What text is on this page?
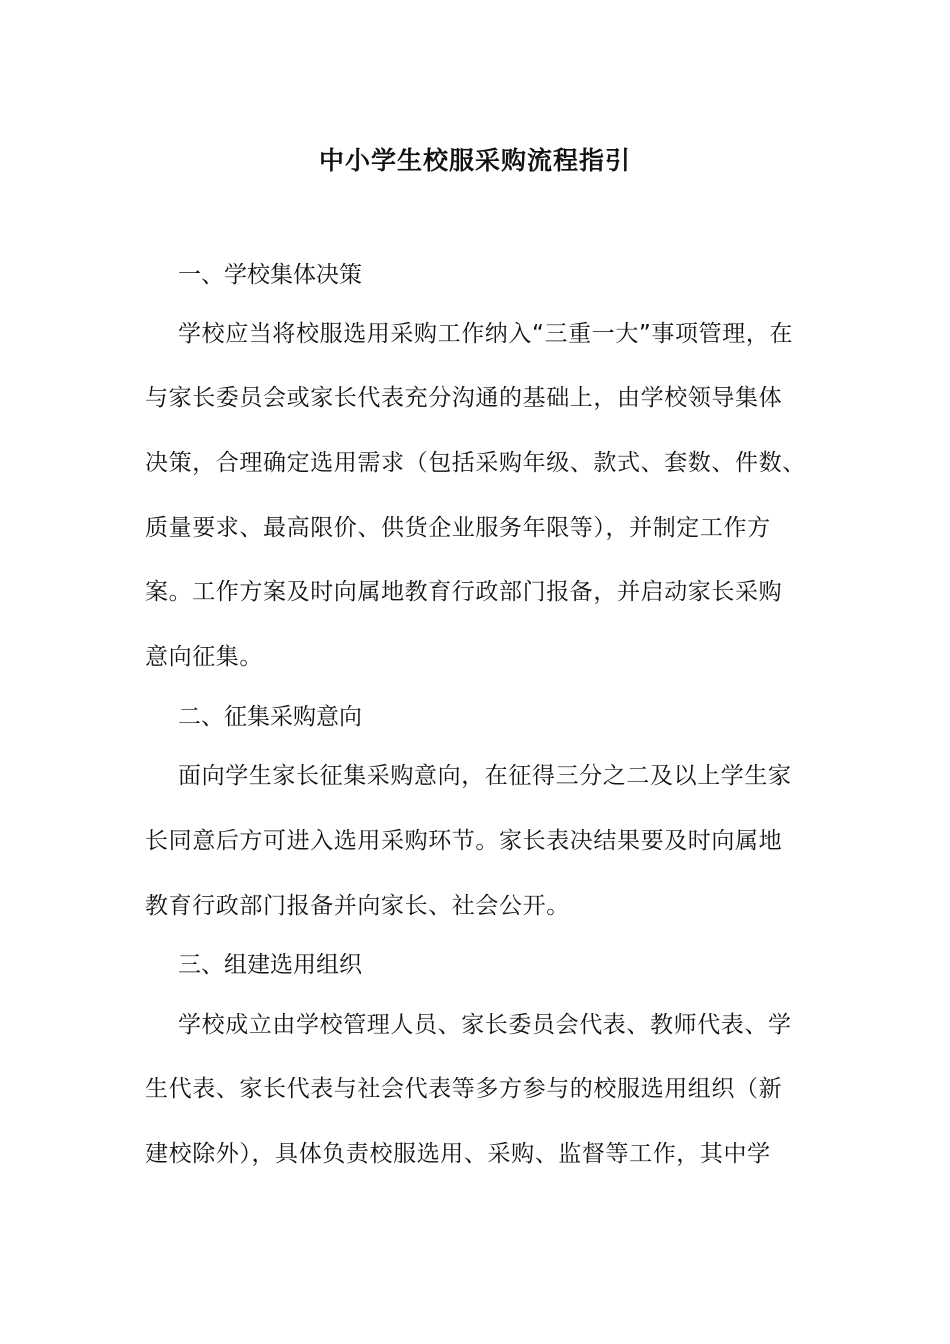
中小学生校服采购流程指引

一、学校集体决策

学校应当将校服选用采购工作纳入“三重一大”事项管理，在

与家长委员会或家长代表充分沟通的基础上，由学校领导集体

决策，合理确定选用需求（包括采购年级、款式、套数、件数、

质量要求、最高限价、供货企业服务年限等），并制定工作方

案。工作方案及时向属地教育行政部门报备，并启动家长采购

意向征集。

二、征集采购意向

面向学生家长征集采购意向，在征得三分之二及以上学生家

长同意后方可进入选用采购环节。家长表决结果要及时向属地

教育行政部门报备并向家长、社会公开。

三、组建选用组织

学校成立由学校管理人员、家长委员会代表、教师代表、学

生代表、家长代表与社会代表等多方参与的校服选用组织（新

建校除外），具体负责校服选用、采购、监督等工作，其中学
